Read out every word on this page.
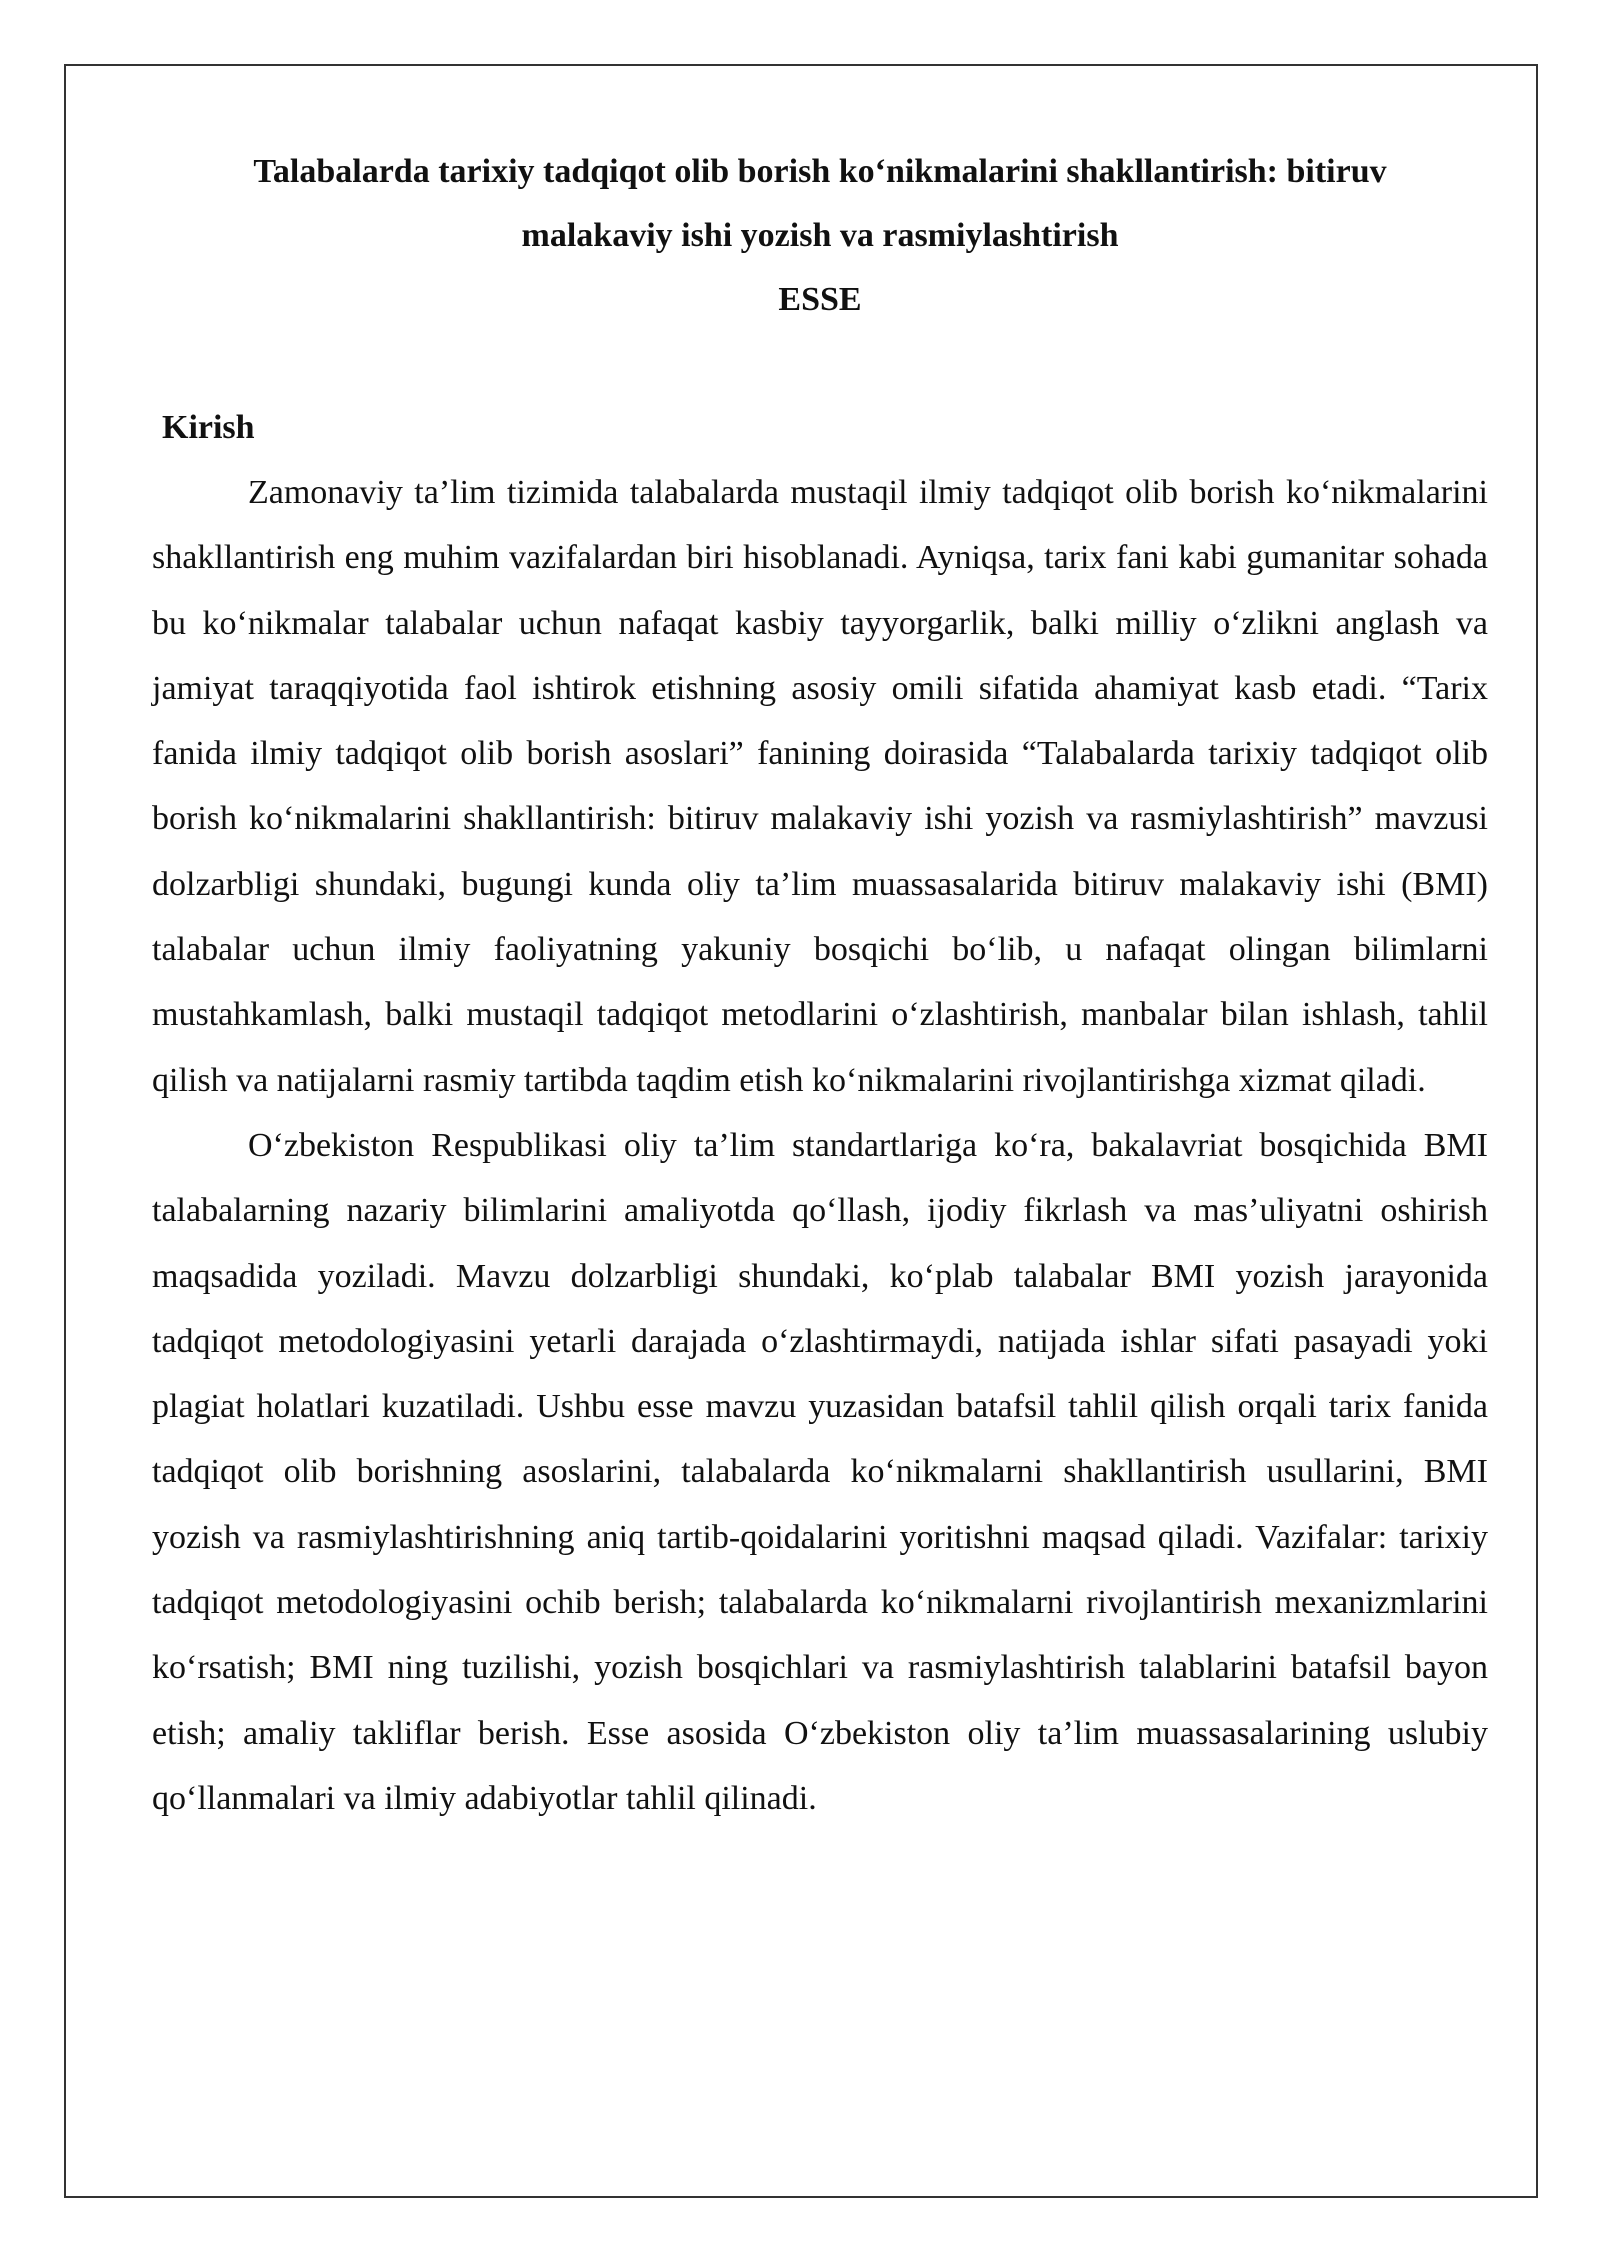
Talabalarda tarixiy tadqiqot olib borish ko‘nikmalarini shakllantirish: bitiruv
malakaviy ishi yozish va rasmiylashtirish
ESSE
Kirish

Zamonaviy ta’lim tizimida talabalarda mustaqil ilmiy tadqiqot olib borish ko‘nikmalarini shakllantirish eng muhim vazifalardan biri hisoblanadi. Ayniqsa, tarix fani kabi gumanitar sohada bu ko‘nikmalar talabalar uchun nafaqat kasbiy tayyorgarlik, balki milliy o‘zlikni anglash va jamiyat taraqqiyotida faol ishtirok etishning asosiy omili sifatida ahamiyat kasb etadi. “Tarix fanida ilmiy tadqiqot olib borish asoslari” fanining doirasida “Talabalarda tarixiy tadqiqot olib borish ko‘nikmalarini shakllantirish: bitiruv malakaviy ishi yozish va rasmiylashtirish” mavzusi dolzarbligi shundaki, bugungi kunda oliy ta’lim muassasalarida bitiruv malakaviy ishi (BMI) talabalar uchun ilmiy faoliyatning yakuniy bosqichi bo‘lib, u nafaqat olingan bilimlarni mustahkamlash, balki mustaqil tadqiqot metodlarini o‘zlashtirish, manbalar bilan ishlash, tahlil qilish va natijalarni rasmiy tartibda taqdim etish ko‘nikmalarini rivojlantirishga xizmat qiladi.

O‘zbekiston Respublikasi oliy ta’lim standartlariga ko‘ra, bakalavriat bosqichida BMI talabalarning nazariy bilimlarini amaliyotda qo‘llash, ijodiy fikrlash va mas’uliyatni oshirish maqsadida yoziladi. Mavzu dolzarbligi shundaki, ko‘plab talabalar BMI yozish jarayonida tadqiqot metodologiyasini yetarli darajada o‘zlashtirmaydi, natijada ishlar sifati pasayadi yoki plagiat holatlari kuzatiladi. Ushbu esse mavzu yuzasidan batafsil tahlil qilish orqali tarix fanida tadqiqot olib borishning asoslarini, talabalarda ko‘nikmalarni shakllantirish usullarini, BMI yozish va rasmiylashtirishning aniq tartib-qoidalarini yoritishni maqsad qiladi. Vazifalar: tarixiy tadqiqot metodologiyasini ochib berish; talabalarda ko‘nikmalarni rivojlantirish mexanizmlarini ko‘rsatish; BMI ning tuzilishi, yozish bosqichlari va rasmiylashtirish talablarini batafsil bayon etish; amaliy takliflar berish. Esse asosida O‘zbekiston oliy ta’lim muassasalarining uslubiy qo‘llanmalari va ilmiy adabiyotlar tahlil qilinadi.
